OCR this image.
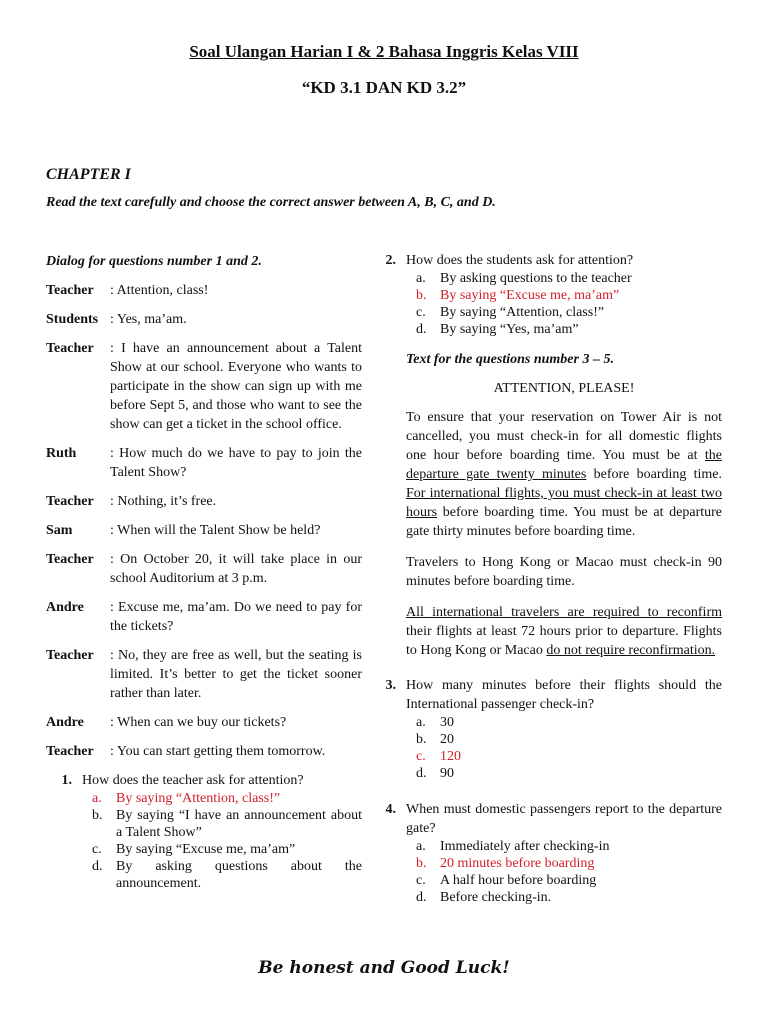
Soal Ulangan Harian I & 2 Bahasa Inggris Kelas VIII
“KD 3.1 DAN KD 3.2”
CHAPTER I
Read the text carefully and choose the correct answer between A, B, C, and D.
Dialog for questions number 1 and 2.
Teacher	: Attention, class!
Students : Yes, ma’am.
Teacher	: I have an announcement about a Talent Show at our school. Everyone who wants to participate in the show can sign up with me before Sept 5, and those who want to see the show can get a ticket in the school office.
Ruth	: How much do we have to pay to join the Talent Show?
Teacher	: Nothing, it’s free.
Sam	: When will the Talent Show be held?
Teacher	: On October 20, it will take place in our school Auditorium at 3 p.m.
Andre	: Excuse me, ma’am. Do we need to pay for the tickets?
Teacher	: No, they are free as well, but the seating is limited. It’s better to get the ticket sooner rather than later.
Andre	: When can we buy our tickets?
Teacher	: You can start getting them tomorrow.
1. How does the teacher ask for attention?
a.	By saying “Attention, class!”
b. By saying “I have an announcement about a Talent Show”
c.	By saying “Excuse me, ma’am”
d. By asking questions about the announcement.
2. How does the students ask for attention?
a.	By asking questions to the teacher
b. By saying “Excuse me, ma’am”
c.	By saying “Attention, class!”
d. By saying “Yes, ma’am”
Text for the questions number 3 – 5.
ATTENTION, PLEASE!
To ensure that your reservation on Tower Air is not cancelled, you must check-in for all domestic flights one hour before boarding time. You must be at the departure gate twenty minutes before boarding time. For international flights, you must check-in at least two hours before boarding time. You must be at departure gate thirty minutes before boarding time.
Travelers to Hong Kong or Macao must check-in 90 minutes before boarding time.
All international travelers are required to reconfirm their flights at least 72 hours prior to departure. Flights to Hong Kong or Macao do not require reconfirmation.
3. How many minutes before their flights should the International passenger check-in?
a.	30
b. 20
c.	120
d. 90
4. When must domestic passengers report to the departure gate?
a.	Immediately after checking-in
b. 20 minutes before boarding
c.	A half hour before boarding
d. Before checking-in.
Be honest and Good Luck!
